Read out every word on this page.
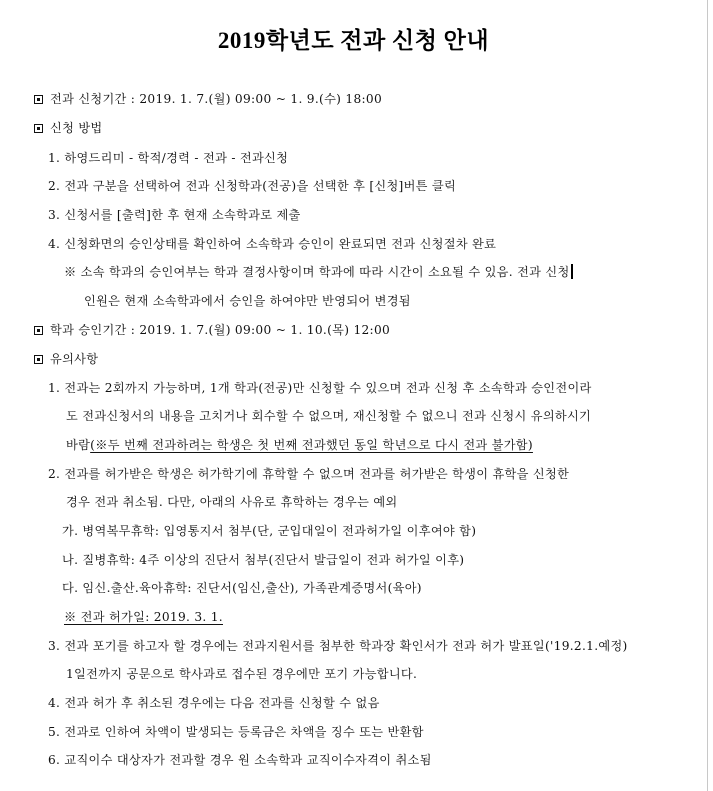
2019학년도 전과 신청 안내
전과 신청기간 : 2019. 1. 7.(월) 09:00 ~ 1. 9.(수) 18:00
신청 방법
1. 하영드리미 - 학적/경력 - 전과 - 전과신청
2. 전과 구분을 선택하여 전과 신청학과(전공)을 선택한 후 [신청]버튼 클릭
3. 신청서를 [출력]한 후 현재 소속학과로 제출
4. 신청화면의 승인상태를 확인하여 소속학과 승인이 완료되면 전과 신청절차 완료
※ 소속 학과의 승인여부는 학과 결정사항이며 학과에 따라 시간이 소요될 수 있음. 전과 신청
인원은 현재 소속학과에서 승인을 하여야만 반영되어 변경됨
학과 승인기간 : 2019. 1. 7.(월) 09:00 ~ 1. 10.(목) 12:00
유의사항
1. 전과는 2회까지 가능하며, 1개 학과(전공)만 신청할 수 있으며 전과 신청 후 소속학과 승인전이라
도 전과신청서의 내용을 고치거나 회수할 수 없으며, 재신청할 수 없으니 전과 신청시 유의하시기
바람(※두 번째 전과하려는 학생은 첫 번째 전과했던 동일 학년으로 다시 전과 불가함)
2. 전과를 허가받은 학생은 허가학기에 휴학할 수 없으며 전과를 허가받은 학생이 휴학을 신청한
경우 전과 취소됨. 다만, 아래의 사유로 휴학하는 경우는 예외
가. 병역복무휴학: 입영통지서 첨부(단, 군입대일이 전과허가일 이후여야 함)
나. 질병휴학: 4주 이상의 진단서 첨부(진단서 발급일이 전과 허가일 이후)
다. 임신.출산.육아휴학: 진단서(임신,출산), 가족관계증명서(육아)
※ 전과 허가일: 2019. 3. 1.
3. 전과 포기를 하고자 할 경우에는 전과지원서를 첨부한 학과장 확인서가 전과 허가 발표일('19.2.1.예정)
1일전까지 공문으로 학사과로 접수된 경우에만 포기 가능합니다.
4. 전과 허가 후 취소된 경우에는 다음 전과를 신청할 수 없음
5. 전과로 인하여 차액이 발생되는 등록금은 차액을 징수 또는 반환함
6. 교직이수 대상자가 전과할 경우 원 소속학과 교직이수자격이 취소됨
